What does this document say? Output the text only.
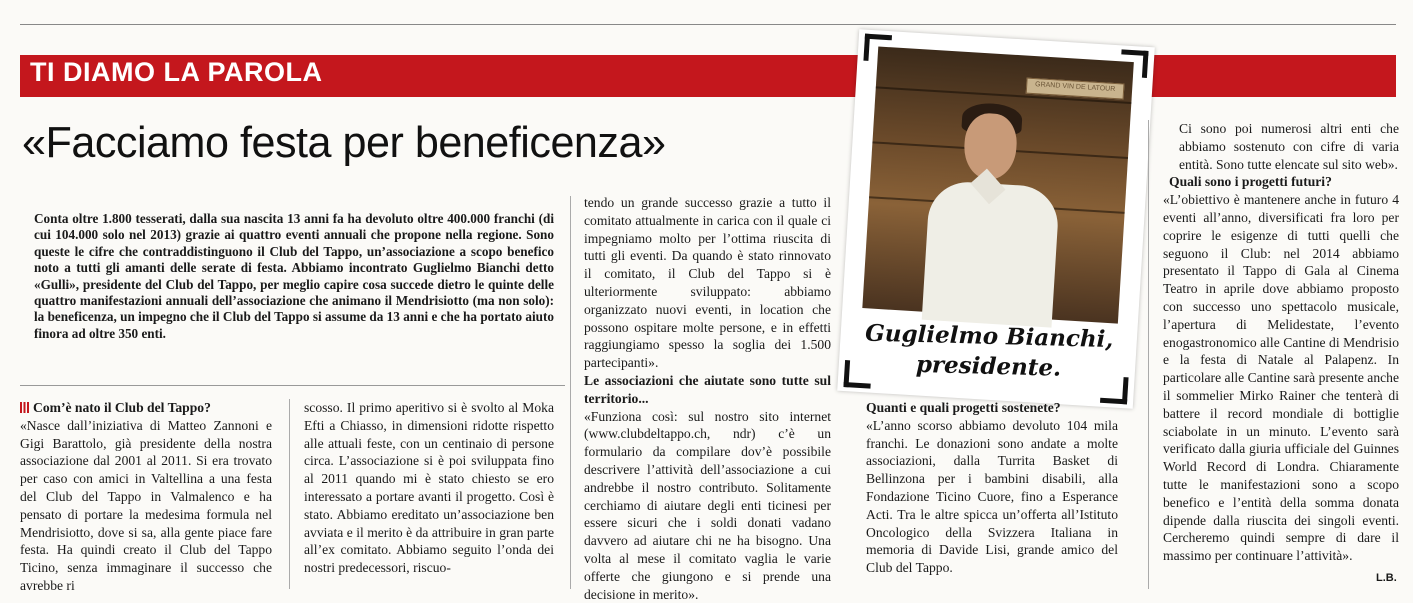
TI DIAMO LA PAROLA
«Facciamo festa per beneficenza»
Conta oltre 1.800 tesserati, dalla sua nascita 13 anni fa ha devoluto oltre 400.000 franchi (di cui 104.000 solo nel 2013) grazie ai quattro eventi annuali che propone nella regione. Sono queste le cifre che contraddistinguono il Club del Tappo, un’associazione a scopo benefico noto a tutti gli amanti delle serate di festa. Abbiamo incontrato Guglielmo Bianchi detto «Gulli», presidente del Club del Tappo, per meglio capire cosa succede dietro le quinte delle quattro manifestazioni annuali dell’associazione che animano il Mendrisiotto (ma non solo): la beneficenza, un impegno che il Club del Tappo si assume da 13 anni e che ha portato aiuto finora ad oltre 350 enti.

Com’è nato il Club del Tappo?

«Nasce dall’iniziativa di Matteo Zannoni e Gigi Barattolo, già presidente della nostra associazione dal 2001 al 2011. Si era trovato per caso con amici in Valtellina a una festa del Club del Tappo in Valmalenco e ha pensato di portare la medesima formula nel Mendrisiotto, dove si sa, alla gente piace fare festa. Ha quindi creato il Club del Tappo Ticino, senza immaginare il successo che avrebbe ri

scosso. Il primo aperitivo si è svolto al Moka Efti a Chiasso, in dimensioni ridotte rispetto alle attuali feste, con un centinaio di persone circa. L’associazione si è poi sviluppata fino al 2011 quando mi è stato chiesto se ero interessato a portare avanti il progetto. Così è stato. Abbiamo ereditato un’associazione ben avviata e il merito è da attribuire in gran parte all’ex comitato. Abbiamo seguito l’onda dei nostri predecessori, riscuo-

tendo un grande successo grazie a tutto il comitato attualmente in carica con il quale ci impegniamo molto per l’ottima riuscita di tutti gli eventi. Da quando è stato rinnovato il comitato, il Club del Tappo si è ulteriormente sviluppato: abbiamo organizzato nuovi eventi, in location che possono ospitare molte persone, e in effetti raggiungiamo spesso la soglia dei 1.500 partecipanti».

Le associazioni che aiutate sono tutte sul territorio...

«Funziona così: sul nostro sito internet (www.clubdeltappo.ch, ndr) c’è un formulario da compilare dov’è possibile descrivere l’attività dell’associazione a cui andrebbe il nostro contributo. Solitamente cerchiamo di aiutare degli enti ticinesi per essere sicuri che i soldi donati vadano davvero ad aiutare chi ne ha bisogno. Una volta al mese il comitato vaglia le varie offerte che giungono e si prende una decisione in merito».

GRAND VIN DE LATOUR
Guglielmo Bianchi,
presidente.

Quanti e quali progetti sostenete?

«L’anno scorso abbiamo devoluto 104 mila franchi. Le donazioni sono andate a molte associazioni, dalla Turrita Basket di Bellinzona per i bambini disabili, alla Fondazione Ticino Cuore, fino a Esperance Acti. Tra le altre spicca un’offerta all’Istituto Oncologico della Svizzera Italiana in memoria di Davide Lisi, grande amico del Club del Tappo.

Ci sono poi numerosi altri enti che abbiamo sostenuto con cifre di varia entità. Sono tutte elencate sul sito web».

Quali sono i progetti futuri?

«L’obiettivo è mantenere anche in futuro 4 eventi all’anno, diversificati fra loro per coprire le esigenze di tutti quelli che seguono il Club: nel 2014 abbiamo presentato il Tappo di Gala al Cinema Teatro in aprile dove abbiamo proposto con successo uno spettacolo musicale, l’apertura di Melidestate, l’evento enogastronomico alle Cantine di Mendrisio e la festa di Natale al Palapenz. In particolare alle Cantine sarà presente anche il sommelier Mirko Rainer che tenterà di battere il record mondiale di bottiglie sciabolate in un minuto. L’evento sarà verificato dalla giuria ufficiale del Guinnes World Record di Londra. Chiaramente tutte le manifestazioni sono a scopo benefico e l’entità della somma donata dipende dalla riuscita dei singoli eventi. Cercheremo quindi sempre di dare il massimo per continuare l’attività».

L.B.
